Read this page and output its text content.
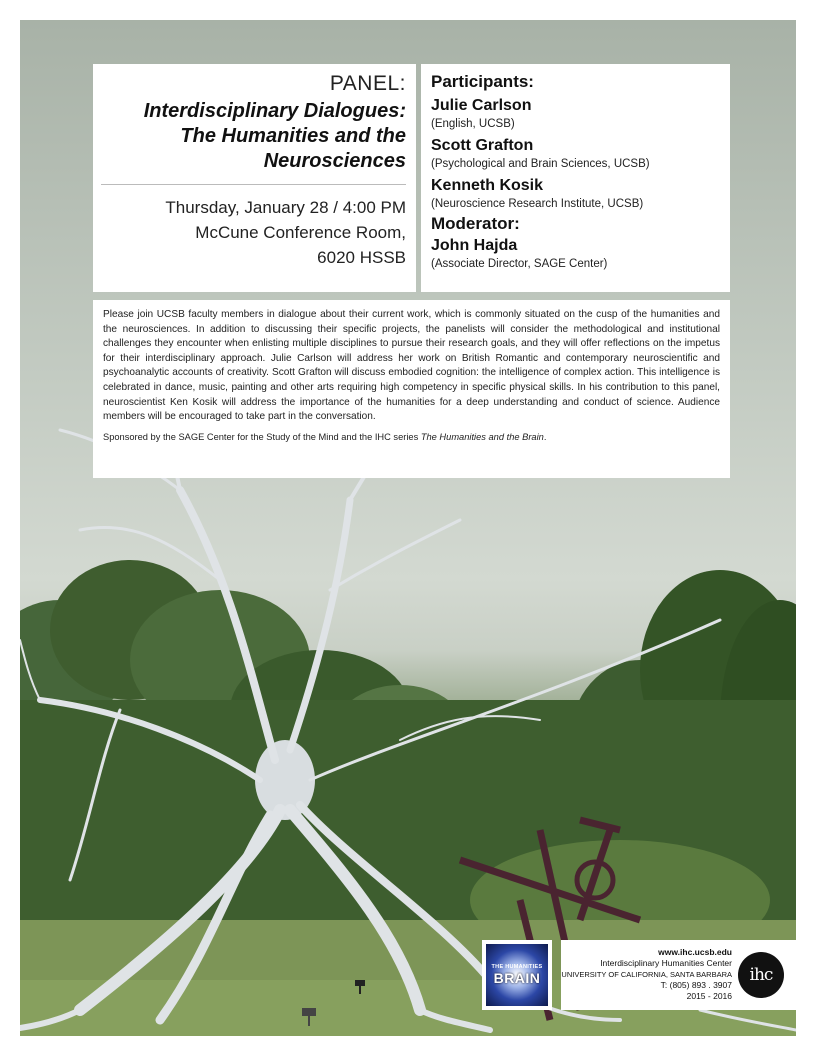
PANEL:
Interdisciplinary Dialogues:
The Humanities and the
Neurosciences
Thursday, January 28 / 4:00 PM
McCune Conference Room,
6020 HSSB
Participants:
Julie Carlson
(English, UCSB)
Scott Grafton
(Psychological and Brain Sciences, UCSB)
Kenneth Kosik
(Neuroscience Research Institute, UCSB)
Moderator:
John Hajda
(Associate Director, SAGE Center)

Please join UCSB faculty members in dialogue about their current work, which is commonly situated on the cusp of the humanities and the neurosciences. In addition to discussing their specific projects, the panelists will consider the methodological and institutional challenges they encounter when enlisting multiple disciplines to pursue their research goals, and they will offer reflections on the impetus for their interdisciplinary approach. Julie Carlson will address her work on British Romantic and contemporary neuroscientific and psychoanalytic accounts of creativity. Scott Grafton will discuss embodied cognition: the intelligence of complex action. This intelligence is celebrated in dance, music, painting and other arts requiring high competency in specific physical skills. In his contribution to this panel, neuroscientist Ken Kosik will address the importance of the humanities for a deep understanding and conduct of science. Audience members will be encouraged to take part in the conversation.

Sponsored by the SAGE Center for the Study of the Mind and the IHC series The Humanities and the Brain.
THE HUMANITIES
BRAIN
www.ihc.ucsb.edu
Interdisciplinary Humanities Center
UNIVERSITY OF CALIFORNIA, SANTA BARBARA
T: (805) 893 . 3907
2015 - 2016
ihc
